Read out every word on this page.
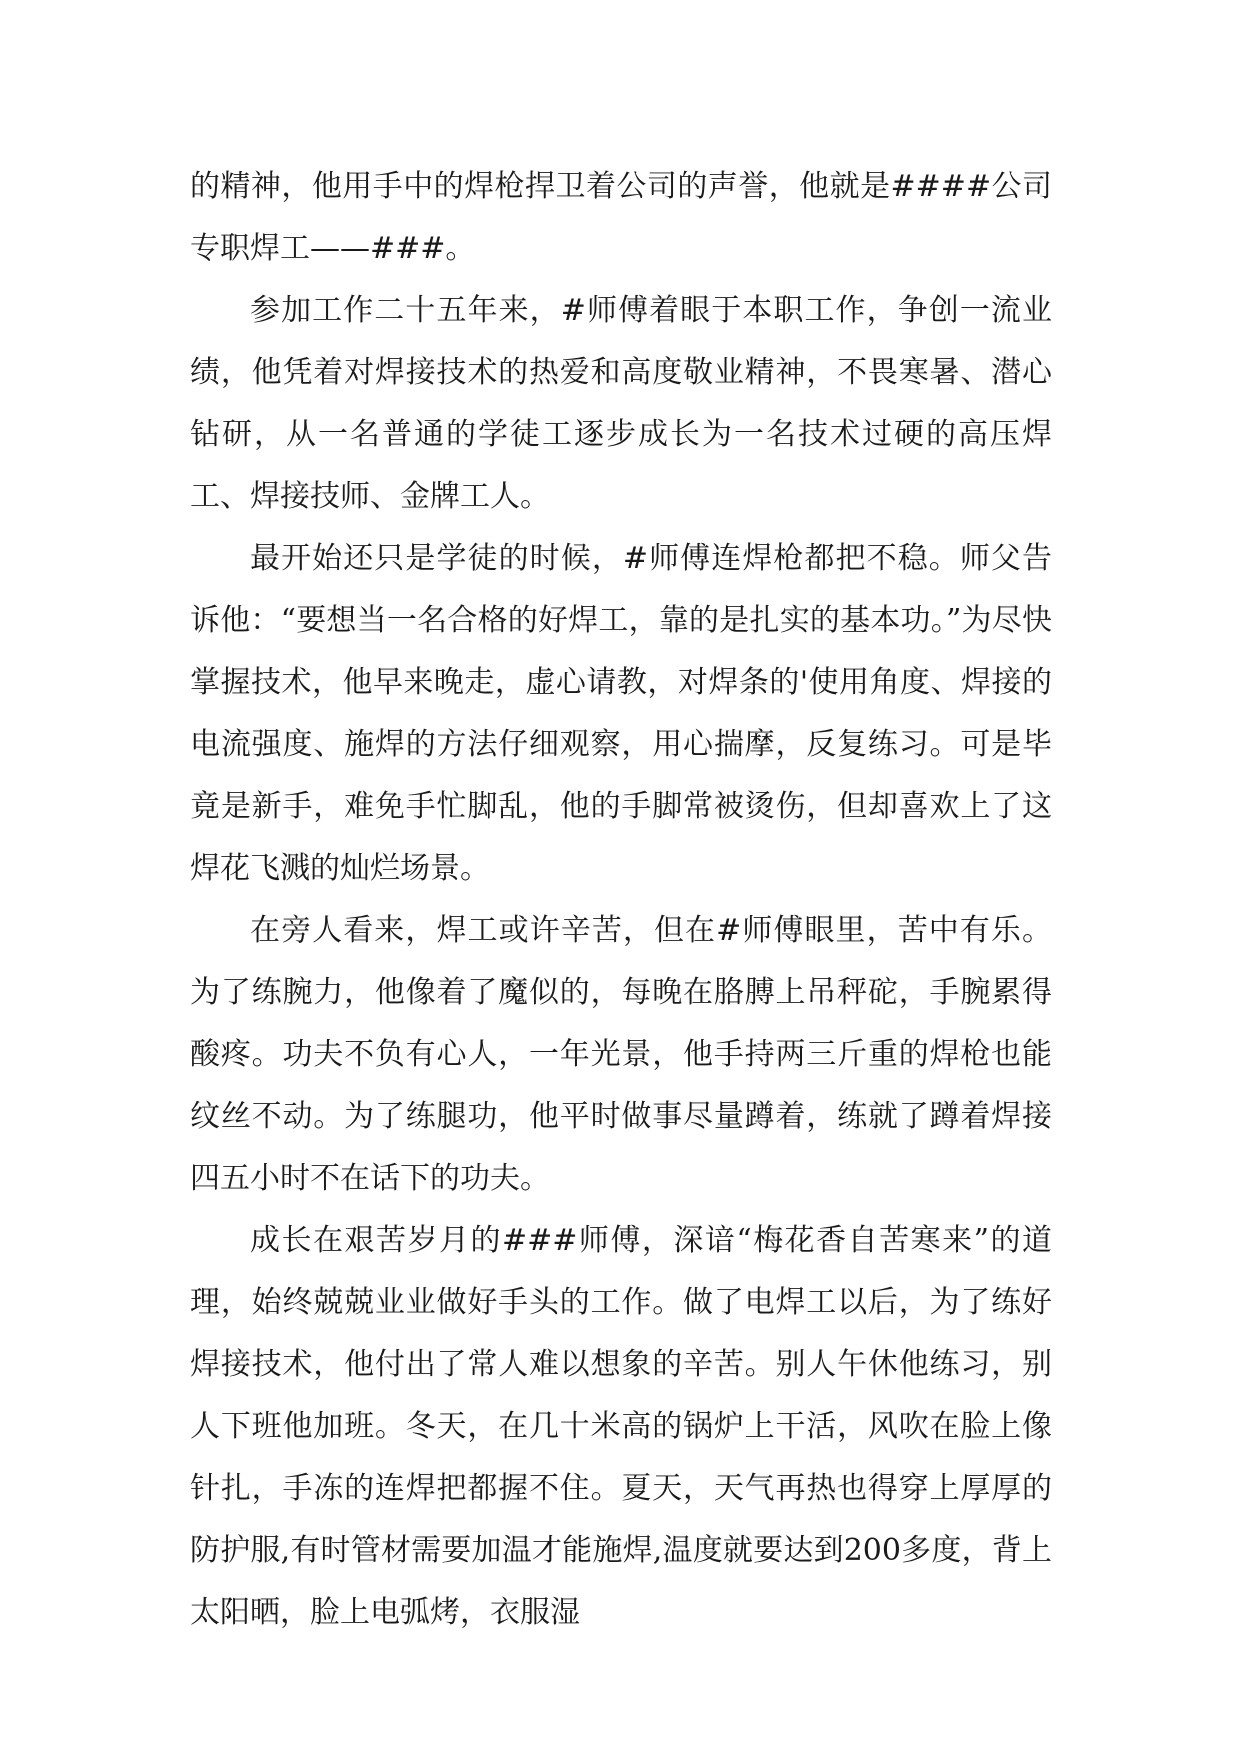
的精神，他用手中的焊枪捍卫着公司的声誉，他就是####公司专职焊工——###。

参加工作二十五年来，#师傅着眼于本职工作，争创一流业绩，他凭着对焊接技术的热爱和高度敬业精神，不畏寒暑、潜心钻研，从一名普通的学徒工逐步成长为一名技术过硬的高压焊工、焊接技师、金牌工人。

最开始还只是学徒的时候，#师傅连焊枪都把不稳。师父告诉他：“要想当一名合格的好焊工，靠的是扎实的基本功。”为尽快掌握技术，他早来晚走，虚心请教，对焊条的'使用角度、焊接的电流强度、施焊的方法仔细观察，用心揣摩，反复练习。可是毕竟是新手，难免手忙脚乱，他的手脚常被烫伤，但却喜欢上了这焊花飞溅的灿烂场景。

在旁人看来，焊工或许辛苦，但在#师傅眼里，苦中有乐。为了练腕力，他像着了魔似的，每晚在胳膊上吊秤砣，手腕累得酸疼。功夫不负有心人，一年光景，他手持两三斤重的焊枪也能纹丝不动。为了练腿功，他平时做事尽量蹲着，练就了蹲着焊接四五小时不在话下的功夫。

成长在艰苦岁月的###师傅，深谙“梅花香自苦寒来”的道理，始终兢兢业业做好手头的工作。做了电焊工以后，为了练好焊接技术，他付出了常人难以想象的辛苦。别人午休他练习，别人下班他加班。冬天，在几十米高的锅炉上干活，风吹在脸上像针扎，手冻的连焊把都握不住。夏天，天气再热也得穿上厚厚的防护服,有时管材需要加温才能施焊,温度就要达到200多度，背上太阳晒，脸上电弧烤，衣服湿
